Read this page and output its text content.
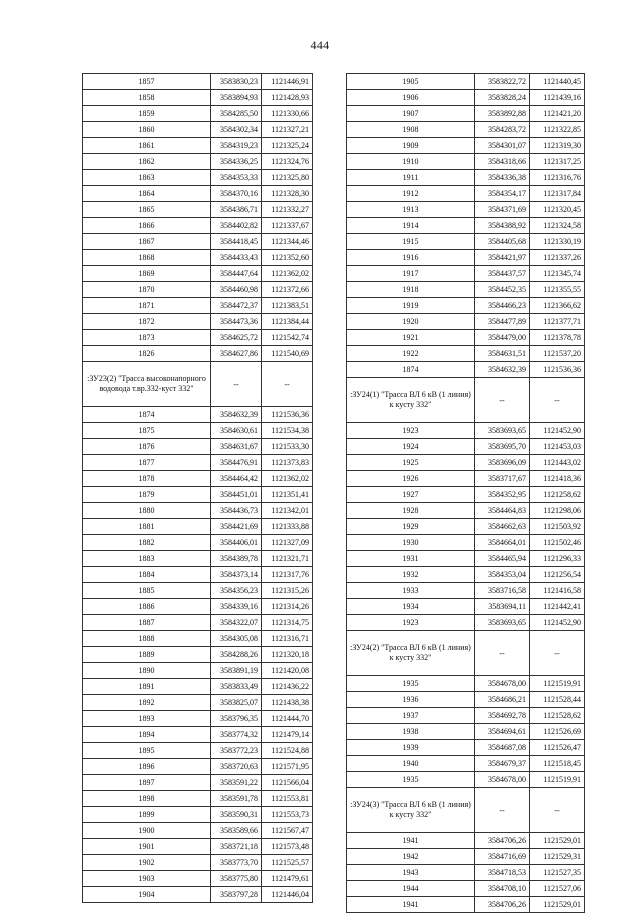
444
1857	3583830,23	1121446,91
1858	3583894,93	1121428,93
1859	3584285,50	1121330,66
1860	3584302,34	1121327,21
1861	3584319,23	1121325,24
1862	3584336,25	1121324,76
1863	3584353,33	1121325,80
1864	3584370,16	1121328,30
1865	3584386,71	1121332,27
1866	3584402,82	1121337,67
1867	3584418,45	1121344,46
1868	3584433,43	1121352,60
1869	3584447,64	1121362,02
1870	3584460,98	1121372,66
1871	3584472,37	1121383,51
1872	3584473,36	1121384,44
1873	3584625,72	1121542,74
1826	3584627,86	1121540,69
:ЗУ23(2) "Трасса высоконапорного водовода т.вр.332-куст 332"	--	--
1874	3584632,39	1121536,36
1875	3584630,61	1121534,38
1876	3584631,67	1121533,30
1877	3584476,91	1121373,83
1878	3584464,42	1121362,02
1879	3584451,01	1121351,41
1880	3584436,73	1121342,01
1881	3584421,69	1121333,88
1882	3584406,01	1121327,09
1883	3584389,78	1121321,71
1884	3584373,14	1121317,76
1885	3584356,23	1121315,26
1886	3584339,16	1121314,26
1887	3584322,07	1121314,75
1888	3584305,08	1121316,71
1889	3584288,26	1121320,18
1890	3583891,19	1121420,08
1891	3583833,49	1121436,22
1892	3583825,07	1121438,38
1893	3583796,35	1121444,70
1894	3583774,32	1121479,14
1895	3583772,23	1121524,88
1896	3583720,63	1121571,95
1897	3583591,22	1121566,04
1898	3583591,78	1121553,81
1899	3583590,31	1121553,73
1900	3583589,66	1121567,47
1901	3583721,18	1121573,48
1902	3583773,70	1121525,57
1903	3583775,80	1121479,61
1904	3583797,28	1121446,04
1905	3583822,72	1121440,45
1906	3583828,24	1121439,16
1907	3583892,88	1121421,20
1908	3584283,72	1121322,85
1909	3584301,07	1121319,30
1910	3584318,66	1121317,25
1911	3584336,38	1121316,76
1912	3584354,17	1121317,84
1913	3584371,69	1121320,45
1914	3584388,92	1121324,58
1915	3584405,68	1121330,19
1916	3584421,97	1121337,26
1917	3584437,57	1121345,74
1918	3584452,35	1121355,55
1919	3584466,23	1121366,62
1920	3584477,89	1121377,71
1921	3584479,00	1121378,78
1922	3584631,51	1121537,20
1874	3584632,39	1121536,36
:ЗУ24(1) "Трасса ВЛ 6 кВ (1 линия) к кусту 332"	--	--
1923	3583693,65	1121452,90
1924	3583695,70	1121453,03
1925	3583696,09	1121443,02
1926	3583717,67	1121418,36
1927	3584352,95	1121258,62
1928	3584464,83	1121298,06
1929	3584662,63	1121503,92
1930	3584664,01	1121502,46
1931	3584465,94	1121296,33
1932	3584353,04	1121256,54
1933	3583716,58	1121416,58
1934	3583694,11	1121442,41
1923	3583693,65	1121452,90
:ЗУ24(2) "Трасса ВЛ 6 кВ (1 линия) к кусту 332"	--	--
1935	3584678,00	1121519,91
1936	3584686,21	1121528,44
1937	3584692,78	1121528,62
1938	3584694,61	1121526,69
1939	3584687,08	1121526,47
1940	3584679,37	1121518,45
1935	3584678,00	1121519,91
:ЗУ24(3) "Трасса ВЛ 6 кВ (1 линия) к кусту 332"	--	--
1941	3584706,26	1121529,01
1942	3584716,69	1121529,31
1943	3584718,53	1121527,35
1944	3584708,10	1121527,06
1941	3584706,26	1121529,01
